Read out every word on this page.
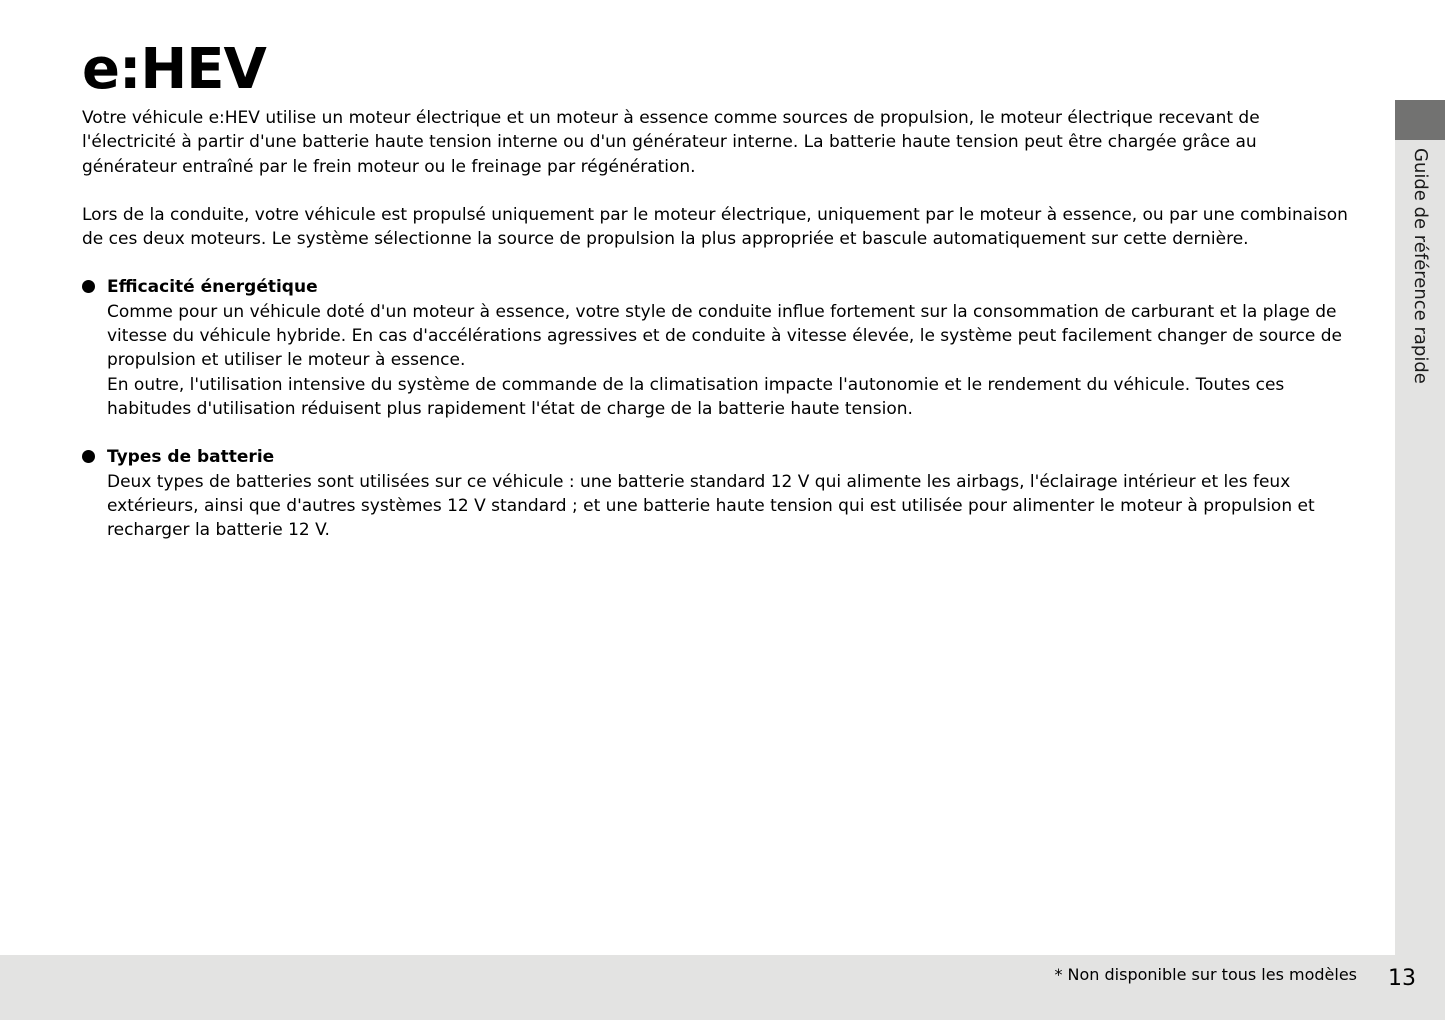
e:HEV

Votre véhicule e:HEV utilise un moteur électrique et un moteur à essence comme sources de propulsion, le moteur électrique recevant de l'électricité à partir d'une batterie haute tension interne ou d'un générateur interne. La batterie haute tension peut être chargée grâce au générateur entraîné par le frein moteur ou le freinage par régénération.

Lors de la conduite, votre véhicule est propulsé uniquement par le moteur électrique, uniquement par le moteur à essence, ou par une combinaison de ces deux moteurs. Le système sélectionne la source de propulsion la plus appropriée et bascule automatiquement sur cette dernière.

Efficacité énergétique
Comme pour un véhicule doté d'un moteur à essence, votre style de conduite influe fortement sur la consommation de carburant et la plage de vitesse du véhicule hybride. En cas d'accélérations agressives et de conduite à vitesse élevée, le système peut facilement changer de source de propulsion et utiliser le moteur à essence.
En outre, l'utilisation intensive du système de commande de la climatisation impacte l'autonomie et le rendement du véhicule. Toutes ces habitudes d'utilisation réduisent plus rapidement l'état de charge de la batterie haute tension.
Types de batterie
Deux types de batteries sont utilisées sur ce véhicule : une batterie standard 12 V qui alimente les airbags, l'éclairage intérieur et les feux extérieurs, ainsi que d'autres systèmes 12 V standard ; et une batterie haute tension qui est utilisée pour alimenter le moteur à propulsion et recharger la batterie 12 V.
Guide de référence rapide
* Non disponible sur tous les modèles 13
